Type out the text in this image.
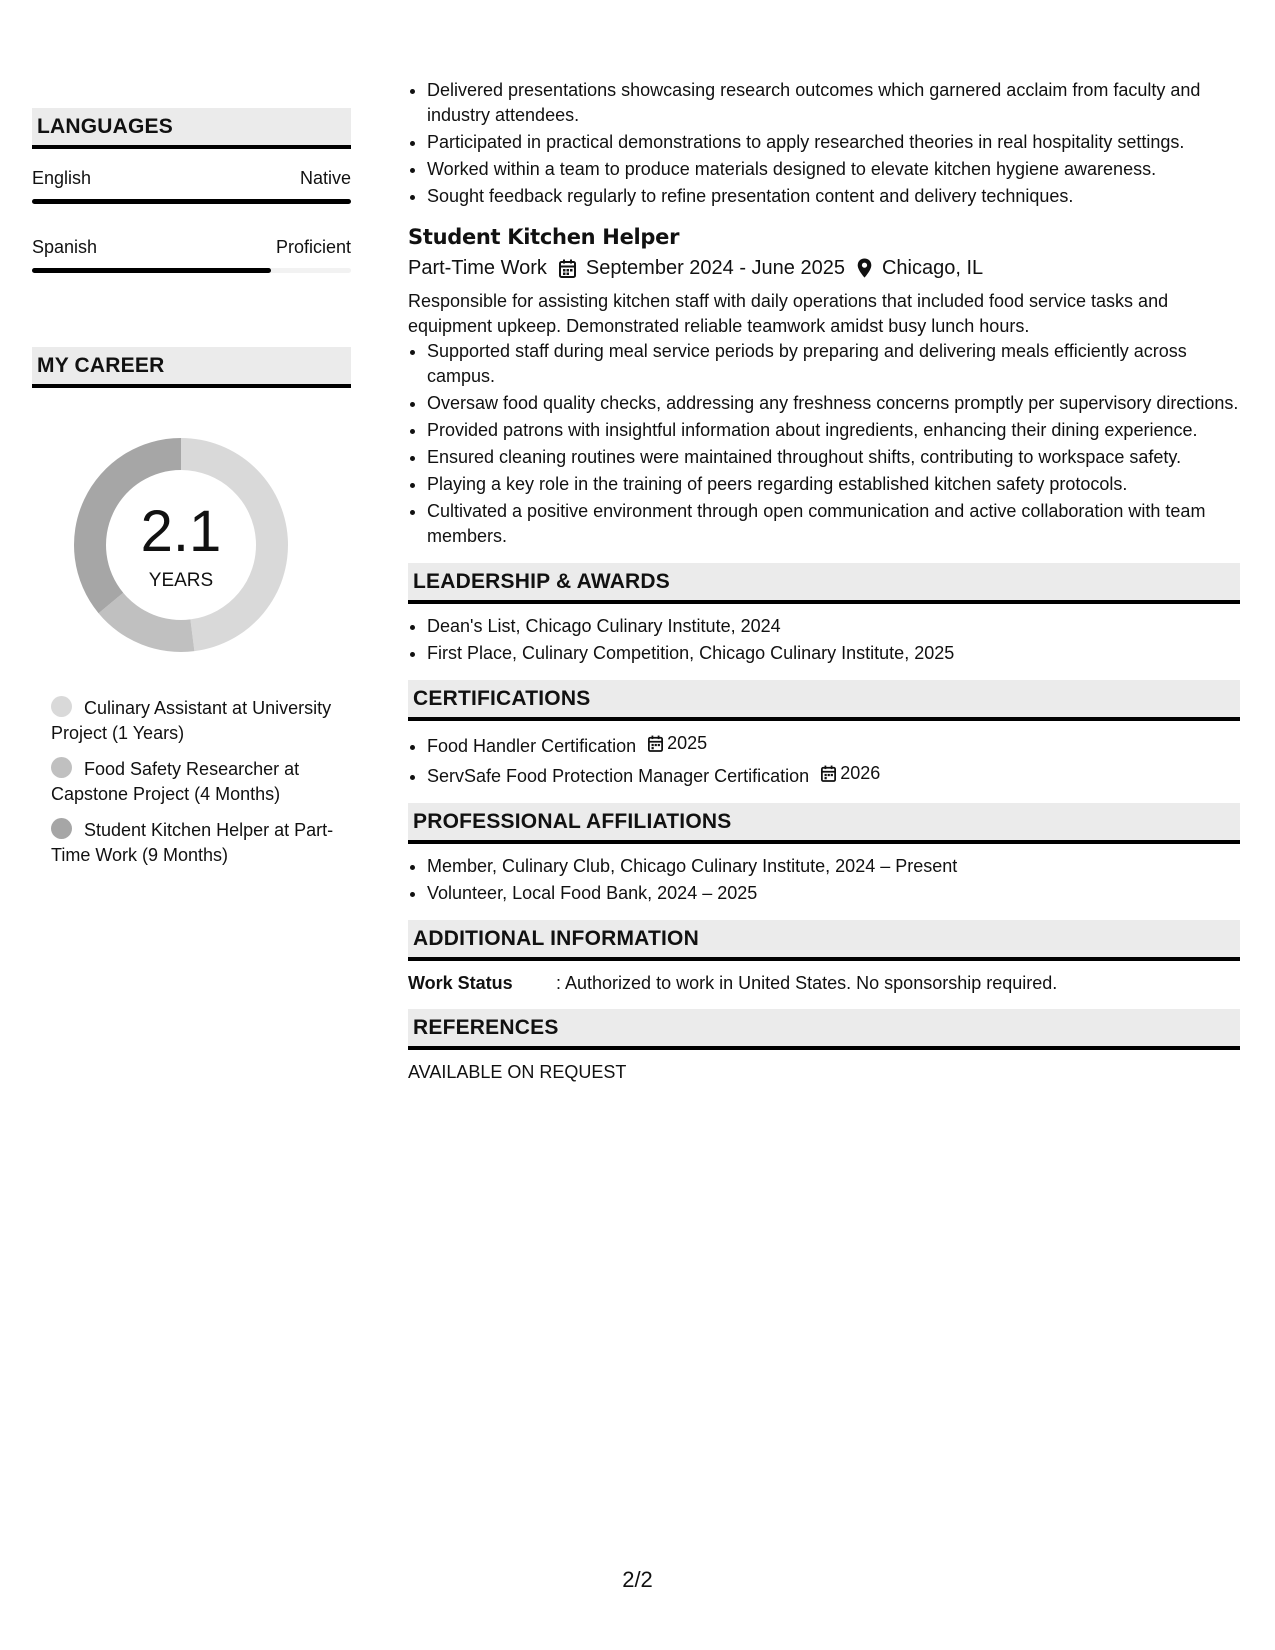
LANGUAGES
English	Native
Spanish	Proficient
MY CAREER
2.1
YEARS
Culinary Assistant at University Project (1 Years)
Food Safety Researcher at Capstone Project (4 Months)
Student Kitchen Helper at Part-Time Work (9 Months)
• Delivered presentations showcasing research outcomes which garnered acclaim from faculty and industry attendees.
• Participated in practical demonstrations to apply researched theories in real hospitality settings.
• Worked within a team to produce materials designed to elevate kitchen hygiene awareness.
• Sought feedback regularly to refine presentation content and delivery techniques.
Student Kitchen Helper
Part-Time Work September 2024 - June 2025 Chicago, IL
Responsible for assisting kitchen staff with daily operations that included food service tasks and equipment upkeep. Demonstrated reliable teamwork amidst busy lunch hours.
• Supported staff during meal service periods by preparing and delivering meals efficiently across campus.
• Oversaw food quality checks, addressing any freshness concerns promptly per supervisory directions.
• Provided patrons with insightful information about ingredients, enhancing their dining experience.
• Ensured cleaning routines were maintained throughout shifts, contributing to workspace safety.
• Playing a key role in the training of peers regarding established kitchen safety protocols.
• Cultivated a positive environment through open communication and active collaboration with team members.
LEADERSHIP & AWARDS
• Dean's List, Chicago Culinary Institute, 2024
• First Place, Culinary Competition, Chicago Culinary Institute, 2025
CERTIFICATIONS
• Food Handler Certification 2025
• ServSafe Food Protection Manager Certification 2026
PROFESSIONAL AFFILIATIONS
• Member, Culinary Club, Chicago Culinary Institute, 2024 – Present
• Volunteer, Local Food Bank, 2024 – 2025
ADDITIONAL INFORMATION
Work Status	: Authorized to work in United States. No sponsorship required.
REFERENCES
AVAILABLE ON REQUEST
2/2
